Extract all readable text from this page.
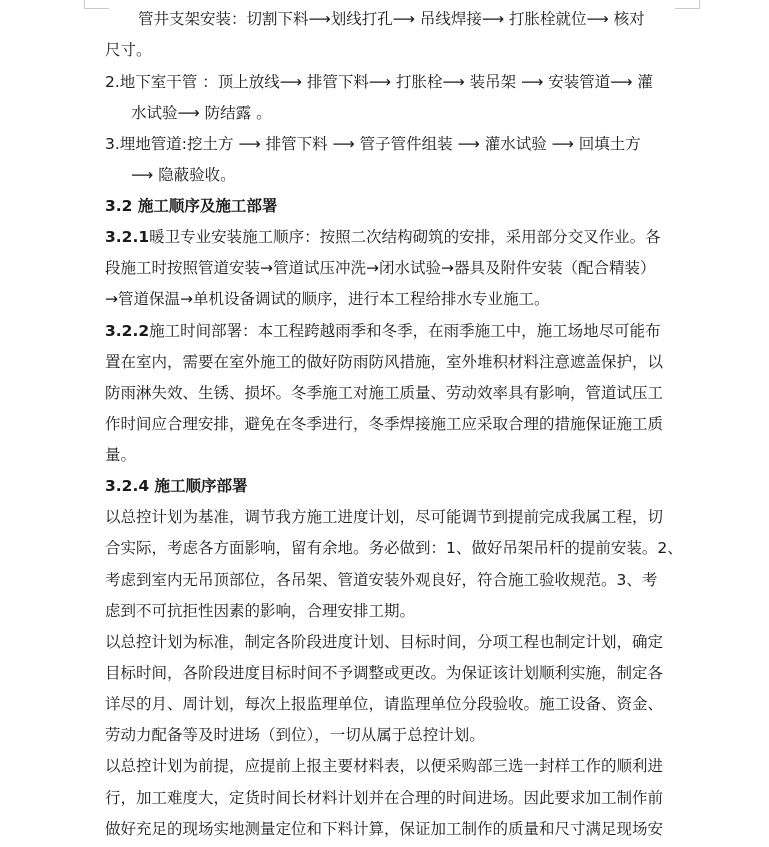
管井支架安装：切割下料⟶划线打孔⟶ 吊线焊接⟶ 打胀栓就位⟶ 核对
尺寸。
2.地下室干管 ：顶上放线⟶ 排管下料⟶ 打胀栓⟶ 装吊架 ⟶ 安装管道⟶ 灌
水试验⟶ 防结露 。
3.埋地管道:挖土方 ⟶ 排管下料 ⟶ 管子管件组装 ⟶ 灌水试验 ⟶ 回填土方
⟶ 隐蔽验收。
3.2 施工顺序及施工部署
3.2.1暖卫专业安装施工顺序：按照二次结构砌筑的安排，采用部分交叉作业。各
段施工时按照管道安装→管道试压冲洗→闭水试验→器具及附件安装（配合精装）
→管道保温→单机设备调试的顺序，进行本工程给排水专业施工。
3.2.2施工时间部署：本工程跨越雨季和冬季，在雨季施工中，施工场地尽可能布
置在室内，需要在室外施工的做好防雨防风措施，室外堆积材料注意遮盖保护，以
防雨淋失效、生锈、损坏。冬季施工对施工质量、劳动效率具有影响，管道试压工
作时间应合理安排，避免在冬季进行，冬季焊接施工应采取合理的措施保证施工质
量。
3.2.4 施工顺序部署
以总控计划为基准，调节我方施工进度计划，尽可能调节到提前完成我属工程，切
合实际，考虑各方面影响，留有余地。务必做到：1、做好吊架吊杆的提前安装。2、
考虑到室内无吊顶部位，各吊架、管道安装外观良好，符合施工验收规范。3、考
虑到不可抗拒性因素的影响，合理安排工期。
以总控计划为标准，制定各阶段进度计划、目标时间，分项工程也制定计划，确定
目标时间，各阶段进度目标时间不予调整或更改。为保证该计划顺利实施，制定各
详尽的月、周计划，每次上报监理单位，请监理单位分段验收。施工设备、资金、
劳动力配备等及时进场（到位），一切从属于总控计划。
以总控计划为前提，应提前上报主要材料表，以便采购部三选一封样工作的顺利进
行，加工难度大，定货时间长材料计划并在合理的时间进场。因此要求加工制作前
做好充足的现场实地测量定位和下料计算，保证加工制作的质量和尺寸满足现场安
